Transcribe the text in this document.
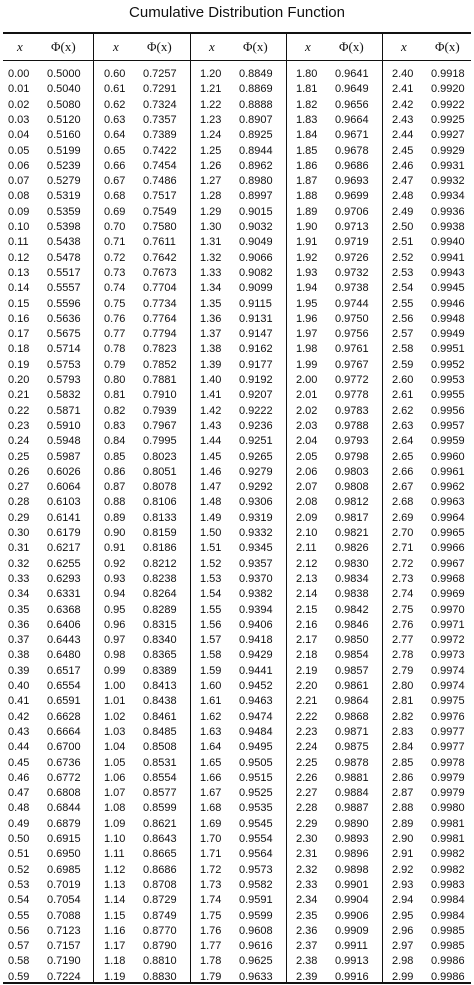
Cumulative Distribution Function
x Φ(x)
0.00 0.5000
0.01 0.5040
0.02 0.5080
0.03 0.5120
0.04 0.5160
0.05 0.5199
0.06 0.5239
0.07 0.5279
0.08 0.5319
0.09 0.5359
0.10 0.5398
0.11 0.5438
0.12 0.5478
0.13 0.5517
0.14 0.5557
0.15 0.5596
0.16 0.5636
0.17 0.5675
0.18 0.5714
0.19 0.5753
0.20 0.5793
0.21 0.5832
0.22 0.5871
0.23 0.5910
0.24 0.5948
0.25 0.5987
0.26 0.6026
0.27 0.6064
0.28 0.6103
0.29 0.6141
0.30 0.6179
0.31 0.6217
0.32 0.6255
0.33 0.6293
0.34 0.6331
0.35 0.6368
0.36 0.6406
0.37 0.6443
0.38 0.6480
0.39 0.6517
0.40 0.6554
0.41 0.6591
0.42 0.6628
0.43 0.6664
0.44 0.6700
0.45 0.6736
0.46 0.6772
0.47 0.6808
0.48 0.6844
0.49 0.6879
0.50 0.6915
0.51 0.6950
0.52 0.6985
0.53 0.7019
0.54 0.7054
0.55 0.7088
0.56 0.7123
0.57 0.7157
0.58 0.7190
0.59 0.7224
x Φ(x)
0.60 0.7257
0.61 0.7291
0.62 0.7324
0.63 0.7357
0.64 0.7389
0.65 0.7422
0.66 0.7454
0.67 0.7486
0.68 0.7517
0.69 0.7549
0.70 0.7580
0.71 0.7611
0.72 0.7642
0.73 0.7673
0.74 0.7704
0.75 0.7734
0.76 0.7764
0.77 0.7794
0.78 0.7823
0.79 0.7852
0.80 0.7881
0.81 0.7910
0.82 0.7939
0.83 0.7967
0.84 0.7995
0.85 0.8023
0.86 0.8051
0.87 0.8078
0.88 0.8106
0.89 0.8133
0.90 0.8159
0.91 0.8186
0.92 0.8212
0.93 0.8238
0.94 0.8264
0.95 0.8289
0.96 0.8315
0.97 0.8340
0.98 0.8365
0.99 0.8389
1.00 0.8413
1.01 0.8438
1.02 0.8461
1.03 0.8485
1.04 0.8508
1.05 0.8531
1.06 0.8554
1.07 0.8577
1.08 0.8599
1.09 0.8621
1.10 0.8643
1.11 0.8665
1.12 0.8686
1.13 0.8708
1.14 0.8729
1.15 0.8749
1.16 0.8770
1.17 0.8790
1.18 0.8810
1.19 0.8830
x Φ(x)
1.20 0.8849
1.21 0.8869
1.22 0.8888
1.23 0.8907
1.24 0.8925
1.25 0.8944
1.26 0.8962
1.27 0.8980
1.28 0.8997
1.29 0.9015
1.30 0.9032
1.31 0.9049
1.32 0.9066
1.33 0.9082
1.34 0.9099
1.35 0.9115
1.36 0.9131
1.37 0.9147
1.38 0.9162
1.39 0.9177
1.40 0.9192
1.41 0.9207
1.42 0.9222
1.43 0.9236
1.44 0.9251
1.45 0.9265
1.46 0.9279
1.47 0.9292
1.48 0.9306
1.49 0.9319
1.50 0.9332
1.51 0.9345
1.52 0.9357
1.53 0.9370
1.54 0.9382
1.55 0.9394
1.56 0.9406
1.57 0.9418
1.58 0.9429
1.59 0.9441
1.60 0.9452
1.61 0.9463
1.62 0.9474
1.63 0.9484
1.64 0.9495
1.65 0.9505
1.66 0.9515
1.67 0.9525
1.68 0.9535
1.69 0.9545
1.70 0.9554
1.71 0.9564
1.72 0.9573
1.73 0.9582
1.74 0.9591
1.75 0.9599
1.76 0.9608
1.77 0.9616
1.78 0.9625
1.79 0.9633
x Φ(x)
1.80 0.9641
1.81 0.9649
1.82 0.9656
1.83 0.9664
1.84 0.9671
1.85 0.9678
1.86 0.9686
1.87 0.9693
1.88 0.9699
1.89 0.9706
1.90 0.9713
1.91 0.9719
1.92 0.9726
1.93 0.9732
1.94 0.9738
1.95 0.9744
1.96 0.9750
1.97 0.9756
1.98 0.9761
1.99 0.9767
2.00 0.9772
2.01 0.9778
2.02 0.9783
2.03 0.9788
2.04 0.9793
2.05 0.9798
2.06 0.9803
2.07 0.9808
2.08 0.9812
2.09 0.9817
2.10 0.9821
2.11 0.9826
2.12 0.9830
2.13 0.9834
2.14 0.9838
2.15 0.9842
2.16 0.9846
2.17 0.9850
2.18 0.9854
2.19 0.9857
2.20 0.9861
2.21 0.9864
2.22 0.9868
2.23 0.9871
2.24 0.9875
2.25 0.9878
2.26 0.9881
2.27 0.9884
2.28 0.9887
2.29 0.9890
2.30 0.9893
2.31 0.9896
2.32 0.9898
2.33 0.9901
2.34 0.9904
2.35 0.9906
2.36 0.9909
2.37 0.9911
2.38 0.9913
2.39 0.9916
x Φ(x)
2.40 0.9918
2.41 0.9920
2.42 0.9922
2.43 0.9925
2.44 0.9927
2.45 0.9929
2.46 0.9931
2.47 0.9932
2.48 0.9934
2.49 0.9936
2.50 0.9938
2.51 0.9940
2.52 0.9941
2.53 0.9943
2.54 0.9945
2.55 0.9946
2.56 0.9948
2.57 0.9949
2.58 0.9951
2.59 0.9952
2.60 0.9953
2.61 0.9955
2.62 0.9956
2.63 0.9957
2.64 0.9959
2.65 0.9960
2.66 0.9961
2.67 0.9962
2.68 0.9963
2.69 0.9964
2.70 0.9965
2.71 0.9966
2.72 0.9967
2.73 0.9968
2.74 0.9969
2.75 0.9970
2.76 0.9971
2.77 0.9972
2.78 0.9973
2.79 0.9974
2.80 0.9974
2.81 0.9975
2.82 0.9976
2.83 0.9977
2.84 0.9977
2.85 0.9978
2.86 0.9979
2.87 0.9979
2.88 0.9980
2.89 0.9981
2.90 0.9981
2.91 0.9982
2.92 0.9982
2.93 0.9983
2.94 0.9984
2.95 0.9984
2.96 0.9985
2.97 0.9985
2.98 0.9986
2.99 0.9986
